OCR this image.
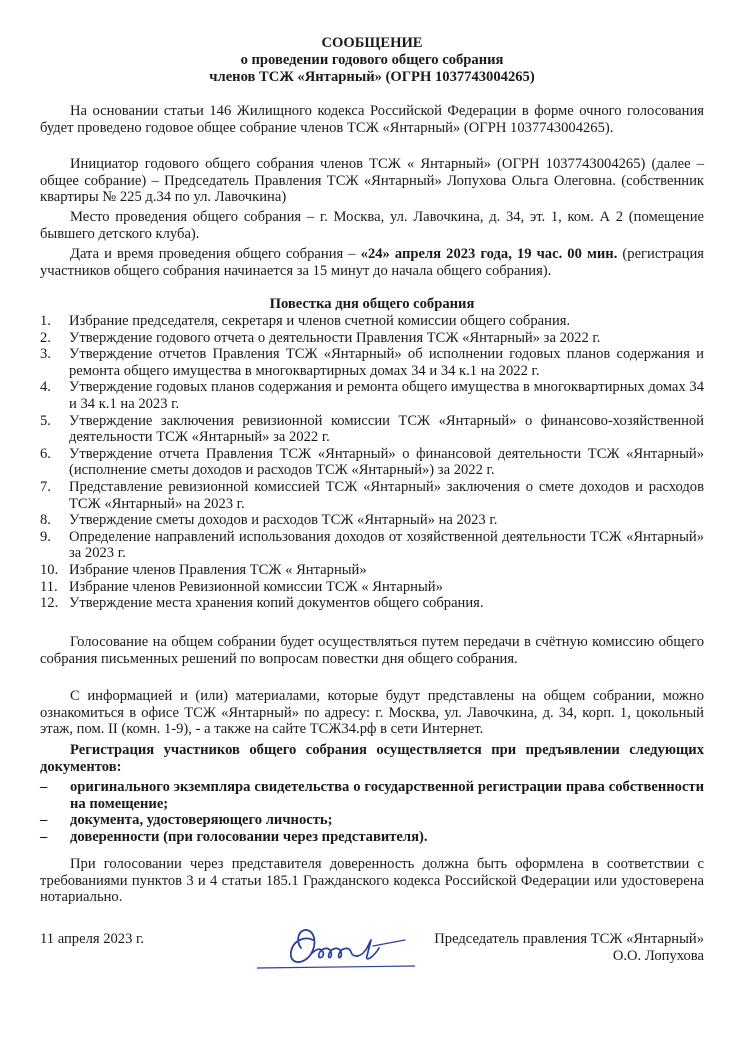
СООБЩЕНИЕ
о проведении годового общего собрания
членов ТСЖ «Янтарный» (ОГРН 1037743004265)
На основании статьи 146 Жилищного кодекса Российской Федерации в форме очного голосования будет проведено годовое общее собрание членов ТСЖ «Янтарный» (ОГРН 1037743004265).
Инициатор годового общего собрания членов ТСЖ « Янтарный» (ОГРН 1037743004265) (далее – общее собрание) – Председатель Правления ТСЖ «Янтарный» Лопухова Ольга Олеговна. (собственник квартиры № 225 д.34 по ул. Лавочкина)
Место проведения общего собрания – г. Москва, ул. Лавочкина, д. 34, эт. 1, ком. А 2 (помещение бывшего детского клуба).
Дата и время проведения общего собрания – «24» апреля 2023 года, 19 час. 00 мин. (регистрация участников общего собрания начинается за 15 минут до начала общего собрания).
Повестка дня общего собрания
1. Избрание председателя, секретаря и членов счетной комиссии общего собрания.
2. Утверждение годового отчета о деятельности Правления ТСЖ «Янтарный» за 2022 г.
3. Утверждение отчетов Правления ТСЖ «Янтарный» об исполнении годовых планов содержания и ремонта общего имущества в многоквартирных домах 34 и 34 к.1 на 2022 г.
4. Утверждение годовых планов содержания и ремонта общего имущества в многоквартирных домах 34 и 34 к.1 на 2023 г.
5. Утверждение заключения ревизионной комиссии ТСЖ «Янтарный» о финансово-хозяйственной деятельности ТСЖ «Янтарный» за 2022 г.
6. Утверждение отчета Правления ТСЖ «Янтарный» о финансовой деятельности ТСЖ «Янтарный» (исполнение сметы доходов и расходов ТСЖ «Янтарный») за 2022 г.
7. Представление ревизионной комиссией ТСЖ «Янтарный» заключения о смете доходов и расходов ТСЖ «Янтарный» на 2023 г.
8. Утверждение сметы доходов и расходов ТСЖ «Янтарный» на 2023 г.
9. Определение направлений использования доходов от хозяйственной деятельности ТСЖ «Янтарный» за 2023 г.
10. Избрание членов Правления ТСЖ « Янтарный»
11. Избрание членов Ревизионной комиссии ТСЖ « Янтарный»
12. Утверждение места хранения копий документов общего собрания.
Голосование на общем собрании будет осуществляться путем передачи в счётную комиссию общего собрания письменных решений по вопросам повестки дня общего собрания.
С информацией и (или) материалами, которые будут представлены на общем собрании, можно ознакомиться в офисе ТСЖ «Янтарный» по адресу: г. Москва, ул. Лавочкина, д. 34, корп. 1, цокольный этаж, пом. II (комн. 1-9), - а также на сайте ТСЖ34.рф в сети Интернет.
Регистрация участников общего собрания осуществляется при предъявлении следующих документов:
– оригинального экземпляра свидетельства о государственной регистрации права собственности на помещение;
– документа, удостоверяющего личность;
– доверенности (при голосовании через представителя).
При голосовании через представителя доверенность должна быть оформлена в соответствии с требованиями пунктов 3 и 4 статьи 185.1 Гражданского кодекса Российской Федерации или удостоверена нотариально.
11 апреля 2023 г.	Председатель правления ТСЖ «Янтарный»
О.О. Лопухова
